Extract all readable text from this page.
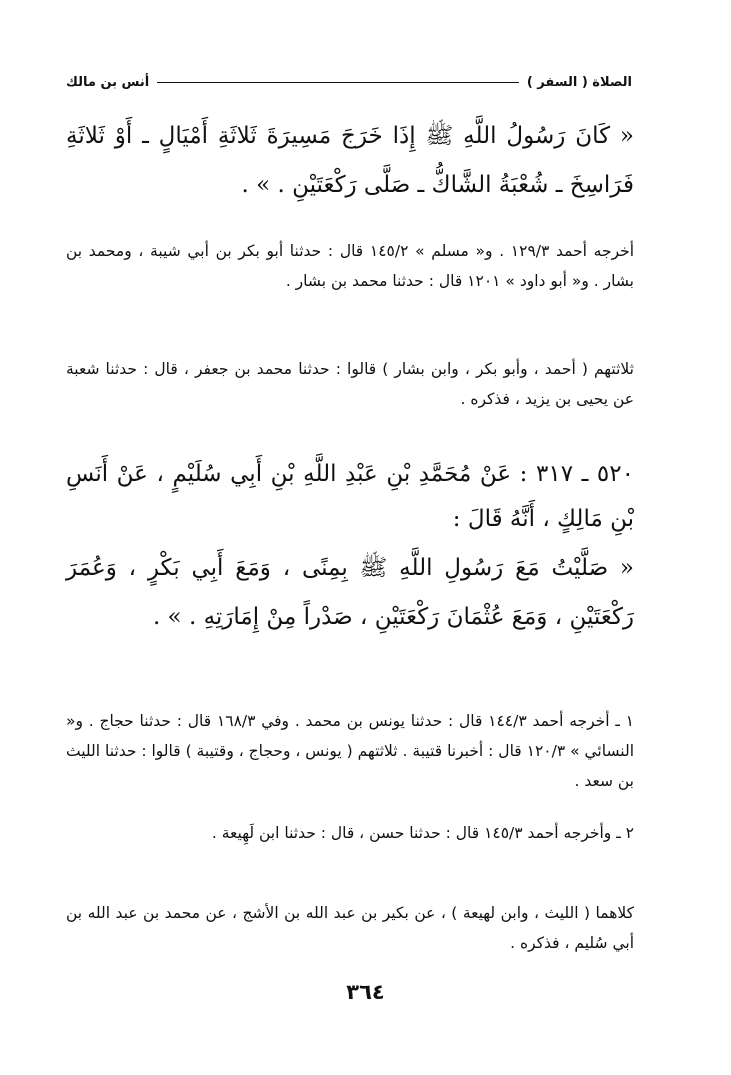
الصلاة ( السفر )
أنس بن مالك
« كَانَ رَسُولُ اللَّهِ ﷺ إِذَا خَرَجَ مَسِيرَةَ ثَلاثَةِ أَمْيَالٍ ـ أَوْ ثَلاثَةِ فَرَاسِخَ ـ شُعْبَةُ الشَّاكُّ ـ صَلَّى رَكْعَتَيْنِ . » .
أخرجه أحمد ١٢٩/٣ . و« مسلم » ١٤٥/٢ قال : حدثنا أبو بكر بن أبي شيبة ، ومحمد بن بشار . و« أبو داود » ١٢٠١ قال : حدثنا محمد بن بشار .
ثلاثتهم ( أحمد ، وأبو بكر ، وابن بشار ) قالوا : حدثنا محمد بن جعفر ، قال : حدثنا شعبة عن يحيى بن يزيد ، فذكره .
٥٢٠ ـ ٣١٧ : عَنْ مُحَمَّدِ بْنِ عَبْدِ اللَّهِ بْنِ أَبِي سُلَيْمٍ ، عَنْ أَنَسِ بْنِ مَالِكٍ ، أَنَّهُ قَالَ :
« صَلَّيْتُ مَعَ رَسُولِ اللَّهِ ﷺ بِمِنًى ، وَمَعَ أَبِي بَكْرٍ ، وَعُمَرَ رَكْعَتَيْنِ ، وَمَعَ عُثْمَانَ رَكْعَتَيْنِ ، صَدْراً مِنْ إِمَارَتِهِ . » .
١ ـ أخرجه أحمد ١٤٤/٣ قال : حدثنا يونس بن محمد . وفي ١٦٨/٣ قال : حدثنا حجاج . و« النسائي » ١٢٠/٣ قال : أخبرنا قتيبة . ثلاثتهم ( يونس ، وحجاج ، وقتيبة ) قالوا : حدثنا الليث بن سعد .
٢ ـ وأخرجه أحمد ١٤٥/٣ قال : حدثنا حسن ، قال : حدثنا ابن لَهِيعة .
كلاهما ( الليث ، وابن لهيعة ) ، عن بكير بن عبد الله بن الأشج ، عن محمد بن عبد الله بن أبي سُليم ، فذكره .
٣٦٤
